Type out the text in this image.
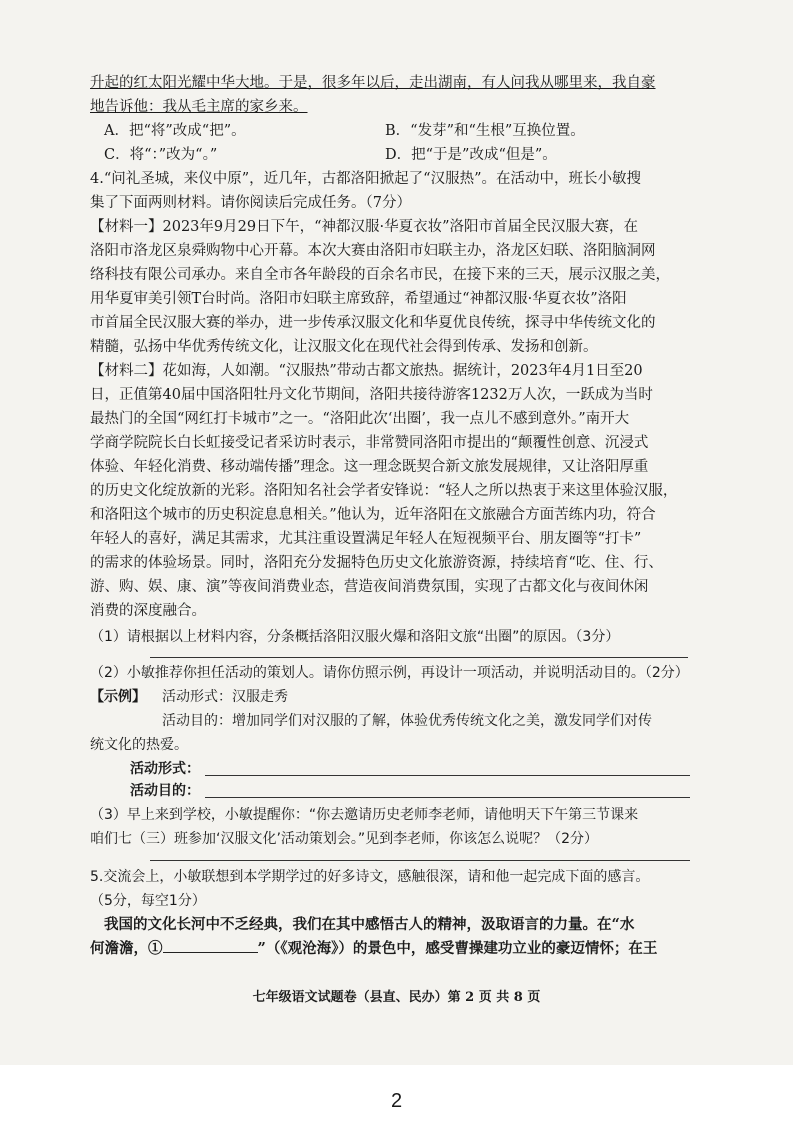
升起的红太阳光耀中华大地。于是，很多年以后，走出湖南，有人问我从哪里来，我自豪
地告诉他：我从毛主席的家乡来。
A．把“将”改成“把”。	B．“发芽”和“生根”互换位置。
C．将“：”改为“。”	D．把“于是”改成“但是”。
4.“问礼圣城，来仪中原”，近几年，古都洛阳掀起了“汉服热”。在活动中，班长小敏搜
集了下面两则材料。请你阅读后完成任务。（7分）
【材料一】2023年9月29日下午，“神都汉服·华夏衣妆”洛阳市首届全民汉服大赛，在
洛阳市洛龙区泉舜购物中心开幕。本次大赛由洛阳市妇联主办，洛龙区妇联、洛阳脑洞网
络科技有限公司承办。来自全市各年龄段的百余名市民，在接下来的三天，展示汉服之美，
用华夏审美引领T台时尚。洛阳市妇联主席致辞，希望通过“神都汉服·华夏衣妆”洛阳
市首届全民汉服大赛的举办，进一步传承汉服文化和华夏优良传统，探寻中华传统文化的
精髓，弘扬中华优秀传统文化，让汉服文化在现代社会得到传承、发扬和创新。
【材料二】花如海，人如潮。“汉服热”带动古都文旅热。据统计，2023年4月1日至20
日，正值第40届中国洛阳牡丹文化节期间，洛阳共接待游客1232万人次，一跃成为当时
最热门的全国“网红打卡城市”之一。“洛阳此次‘出圈’，我一点儿不感到意外。”南开大
学商学院院长白长虹接受记者采访时表示，非常赞同洛阳市提出的“颠覆性创意、沉浸式
体验、年轻化消费、移动端传播”理念。这一理念既契合新文旅发展规律，又让洛阳厚重
的历史文化绽放新的光彩。洛阳知名社会学者安锋说：“轻人之所以热衷于来这里体验汉服，
和洛阳这个城市的历史积淀息息相关。”他认为，近年洛阳在文旅融合方面苦练内功，符合
年轻人的喜好，满足其需求，尤其注重设置满足年轻人在短视频平台、朋友圈等“打卡”
的需求的体验场景。同时，洛阳充分发掘特色历史文化旅游资源，持续培育“吃、住、行、
游、购、娱、康、演”等夜间消费业态，营造夜间消费氛围，实现了古都文化与夜间休闲
消费的深度融合。
（1）请根据以上材料内容，分条概括洛阳汉服火爆和洛阳文旅“出圈”的原因。（3分）
（2）小敏推荐你担任活动的策划人。请你仿照示例，再设计一项活动，并说明活动目的。（2分）
【示例】	活动形式：汉服走秀
活动目的：增加同学们对汉服的了解，体验优秀传统文化之美，激发同学们对传
统文化的热爱。
活动形式：
活动目的：
（3）早上来到学校，小敏提醒你：“你去邀请历史老师李老师，请他明天下午第三节课来
咱们七（三）班参加‘汉服文化’活动策划会。”见到李老师，你该怎么说呢？（2分）
5.交流会上，小敏联想到本学期学过的好多诗文，感触很深，请和他一起完成下面的感言。
（5分，每空1分）
我国的文化长河中不乏经典，我们在其中感悟古人的精神，汲取语言的力量。在“水
何澹澹，①	”（《观沧海》）的景色中，感受曹操建功立业的豪迈情怀；在王
七年级语文试题卷（县直、民办）第 2 页 共 8 页
2
